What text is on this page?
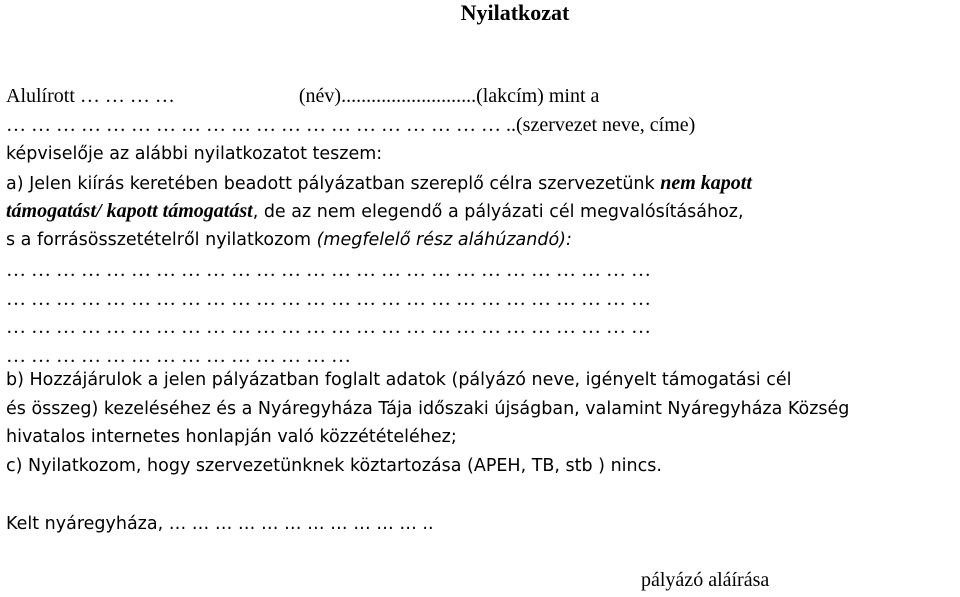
Nyilatkozat
Alulírott … … … …	(név)...........................(lakcím) mint a
… … … … … … … … … … … … … … … … … … … … ..(szervezet neve, címe)
képviselője az alábbi nyilatkozatot teszem:
a) Jelen kiírás keretében beadott pályázatban szereplő célra szervezetünk nem kapott
támogatást/ kapott támogatást, de az nem elegendő a pályázati cél megvalósításához,
s a forrásösszetételről nyilatkozom (megfelelő rész aláhúzandó):
… … … … … … … … … … … … … … … … … … … … … … … … … …
… … … … … … … … … … … … … … … … … … … … … … … … … …
… … … … … … … … … … … … … … … … … … … … … … … … … …
… … … … … … … … … … … … … …
b) Hozzájárulok a jelen pályázatban foglalt adatok (pályázó neve, igényelt támogatási cél
és összeg) kezeléséhez és a Nyáregyháza Tája időszaki újságban, valamint Nyáregyháza Község
hivatalos internetes honlapján való közzétételéhez;
c) Nyilatkozom, hogy szervezetünknek köztartozása (APEH, TB, stb ) nincs.
Kelt nyáregyháza, … … … … … … … … … … … ..
pályázó aláírása
